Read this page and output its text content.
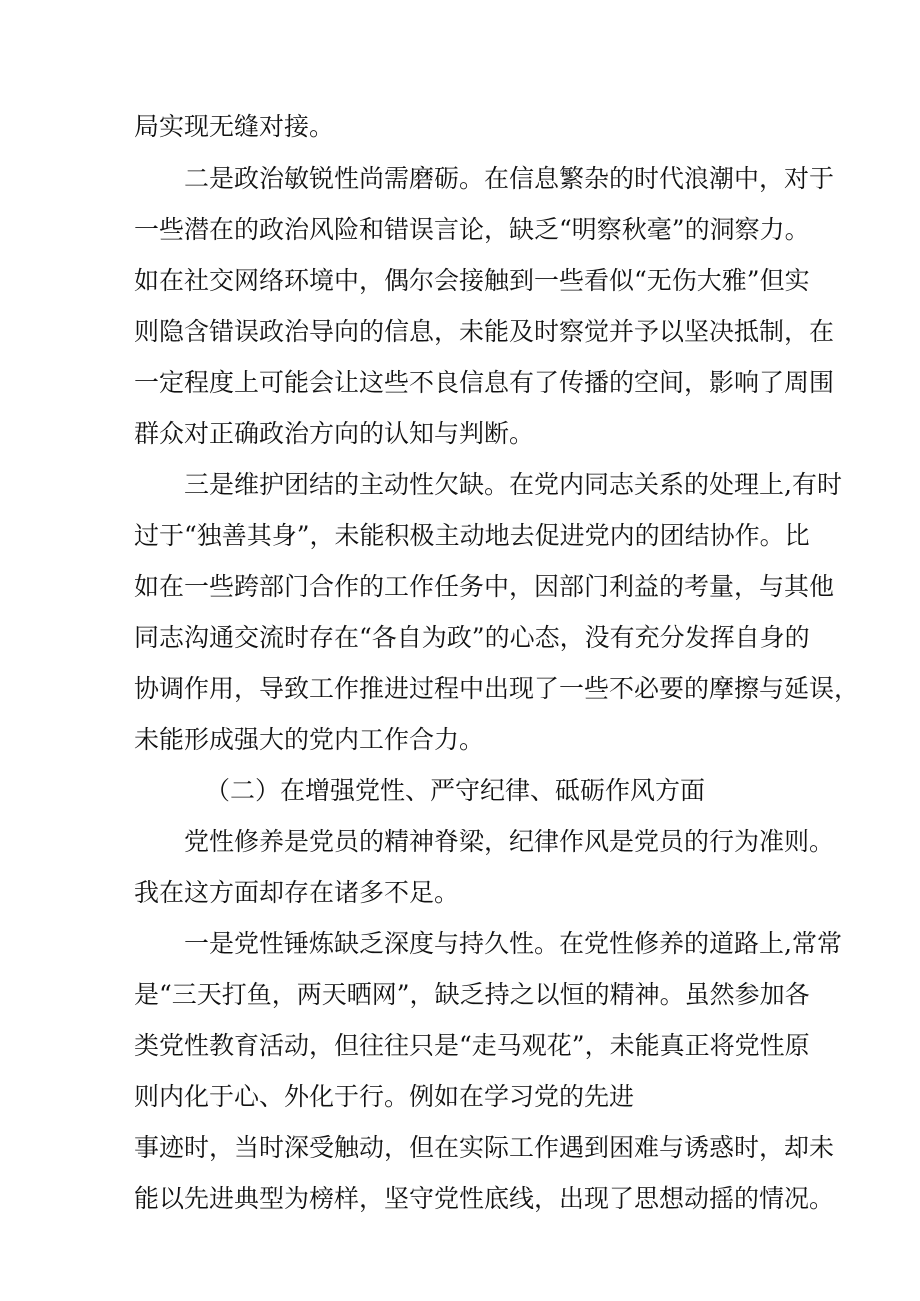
局实现无缝对接。
二是政治敏锐性尚需磨砺。在信息繁杂的时代浪潮中，对于
一些潜在的政治风险和错误言论，缺乏“明察秋毫”的洞察力。
如在社交网络环境中，偶尔会接触到一些看似“无伤大雅”但实
则隐含错误政治导向的信息，未能及时察觉并予以坚决抵制，在
一定程度上可能会让这些不良信息有了传播的空间，影响了周围
群众对正确政治方向的认知与判断。
三是维护团结的主动性欠缺。在党内同志关系的处理上,有时
过于“独善其身”，未能积极主动地去促进党内的团结协作。比
如在一些跨部门合作的工作任务中，因部门利益的考量，与其他
同志沟通交流时存在“各自为政”的心态，没有充分发挥自身的
协调作用，导致工作推进过程中出现了一些不必要的摩擦与延误，
未能形成强大的党内工作合力。
（二）在增强党性、严守纪律、砥砺作风方面
党性修养是党员的精神脊梁，纪律作风是党员的行为准则。
我在这方面却存在诸多不足。
一是党性锤炼缺乏深度与持久性。在党性修养的道路上,常常
是“三天打鱼，两天晒网”，缺乏持之以恒的精神。虽然参加各
类党性教育活动，但往往只是“走马观花”，未能真正将党性原
则内化于心、外化于行。例如在学习党的先进
事迹时，当时深受触动，但在实际工作遇到困难与诱惑时，却未
能以先进典型为榜样，坚守党性底线，出现了思想动摇的情况。
